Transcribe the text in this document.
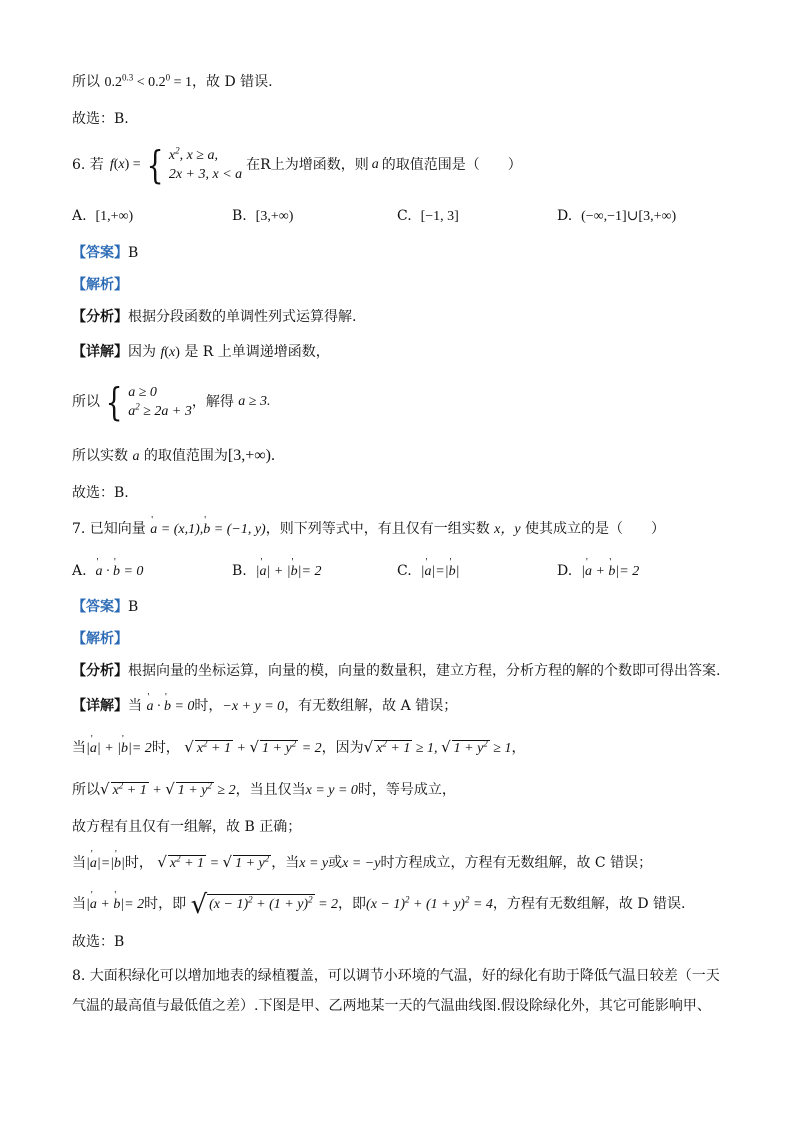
所以 $0.2^{0.3} < 0.2^0 = 1$，故 D 错误.
故选：B.
6. 若 f ( x ) = { $x^2$, x ≥ a,
2x + 3, x < a
在R上为增函数，则 a 的取值范围是（　　）
A. [1,+∞)	B. [3,+∞)	C. [−1, 3]	D. (−∞,−1]∪[3,+∞)
【答案】B
【解析】
【分析】根据分段函数的单调性列式运算得解.
【详解】因为 f(x) 是 R 上单调递增函数，
所以 { a ≥ 0
$a^2 \ge 2a + 3$
，解得
a ≥ 3.
所以实数 a 的取值范围为[3,+∞).
故选：B.
7. 已知向量 ' a = (x,1),' b = (−1, y)，则下列等式中，有且仅有一组实数 x，y 使其成立的是（　　）
A. ' a · ' b = 0	B. |' a| + |' b|= 2	C. |' a|=|' b|	D. |' a + ' b|= 2
【答案】B
【解析】
【分析】根据向量的坐标运算，向量的模，向量的数量积，建立方程，分析方程的解的个数即可得出答案.
【详解】当 ' a · ' b = 0时，−x + y = 0，有无数组解，故 A 错误；
当|' a| + |' b|= 2时， √ $x^2 + 1$ + √ $1 + y^2 = 2$，因为√ $x^2 + 1 \ge 1$, √ $1 + y^2 \ge 1$，
所以√ $x^2 + 1$ + √ $1 + y^2 \ge 2$，当且仅当x = y = 0时，等号成立，
故方程有且仅有一组解，故 B 正确；
当|' a|=|' b|时， √ $x^2 + 1$ = √ $1 + y^2$ ，当x = y或x = −y时方程成立，方程有无数组解，故 C 错误；
当|' a + ' b|= 2时，即 √ $(x - 1)^2 + (1 + y)^2 = 2$，即$(x - 1)^2 + (1 + y)^2 = 4$，方程有无数组解，故 D 错误.
故选：B
8. 大面积绿化可以增加地表的绿植覆盖，可以调节小环境的气温，好的绿化有助于降低气温日较差（一天
气温的最高值与最低值之差）.下图是甲、乙两地某一天的气温曲线图.假设除绿化外，其它可能影响甲、
